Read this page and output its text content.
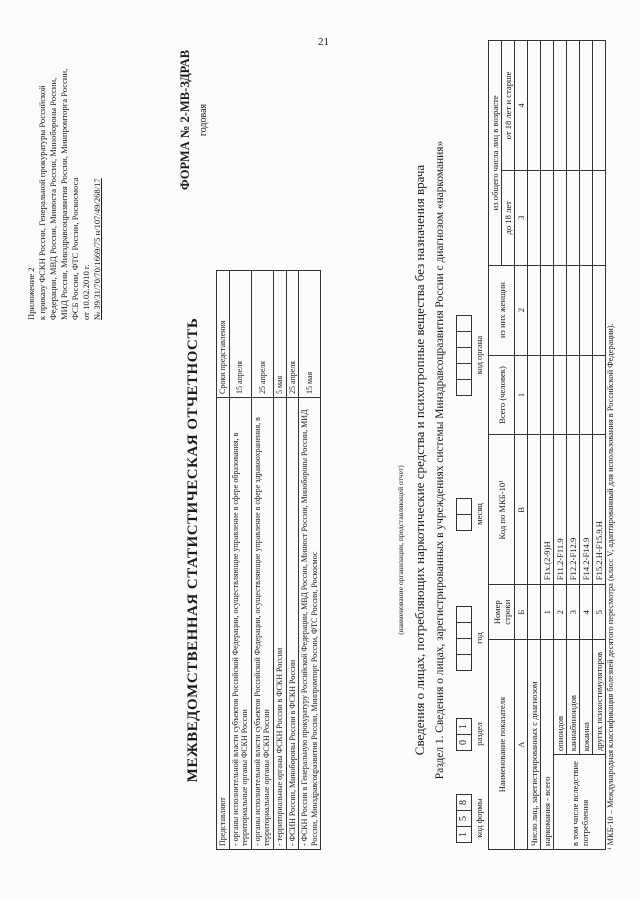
21
Приложение 2 к приказу ФСКН России, Генеральной прокуратуры Российской Федерации, МВД России, Минюста России, Минобороны России, МИД России, Минздравсоцразвития России, Минпромторга России, ФСБ России, ФТС России, Роскосмоса от 10.02.2010 г. № 39/31/70/70/1669/75 н/107/49/268/17
МЕЖВЕДОМСТВЕННАЯ СТАТИСТИЧЕСКАЯ ОТЧЕТНОСТЬ
ФОРМА № 2-МВ-ЗДРАВ годовая
Представляют	Сроки представления
- органы исполнительной власти субъектов Российской Федерации, осуществляющие управление в сфере образования, в территориальные органы ФСКН России	15 апреля
- органы исполнительной власти субъектов Российской Федерации, осуществляющие управление в сфере здравоохранения, в территориальные органы ФСКН России	25 апреля
- территориальные органы ФСКН России в ФСКН России	5 мая
- ФСИН России, Минобороны России в ФСКН России	25 апреля
- ФСКН России в Генеральную прокуратуру Российской Федерации, МВД России, Минюст России, Минобороны России, МИД России, Минздравсоцразвития России, Минпромторг России, ФТС России, Роскосмос	15 мая
(наименование организации, представляющей отчет) Сведения о лицах, потребляющих наркотические средства и психотропные вещества без назначения врача Раздел 1. Сведения о лицах, зарегистрированных в учреждениях системы Минздравсоцразвития России с диагнозом «наркомания»
1
5
8 код формы
0
1 раздел
год
месяц
код органа
Наименование показателя		Номер строки	Код по МКБ-10¹	Всего (человек)	из них женщин	из общего числа лиц в возрасте	
						до 18 лет	от 18 лет и старше
А		Б	В	1	2	3	4
Число лиц, зарегистрированных с диагнозом							
наркомания - всего		1	F1x.(2-9)Н				
в том числе вследствие потребления	опиоидов	2	F11.2-F11.9				
	каннабиноидов	3	F12.2-F12.9				
	кокаина	4	F14.2-F14.9				
	других психостимуляторов	5	F15.2.Н-F15.9.Н				¹ МКБ-10 – Международная классификация болезней десятого пересмотра (класс V, адаптированный для использования в Российской Федерации).
